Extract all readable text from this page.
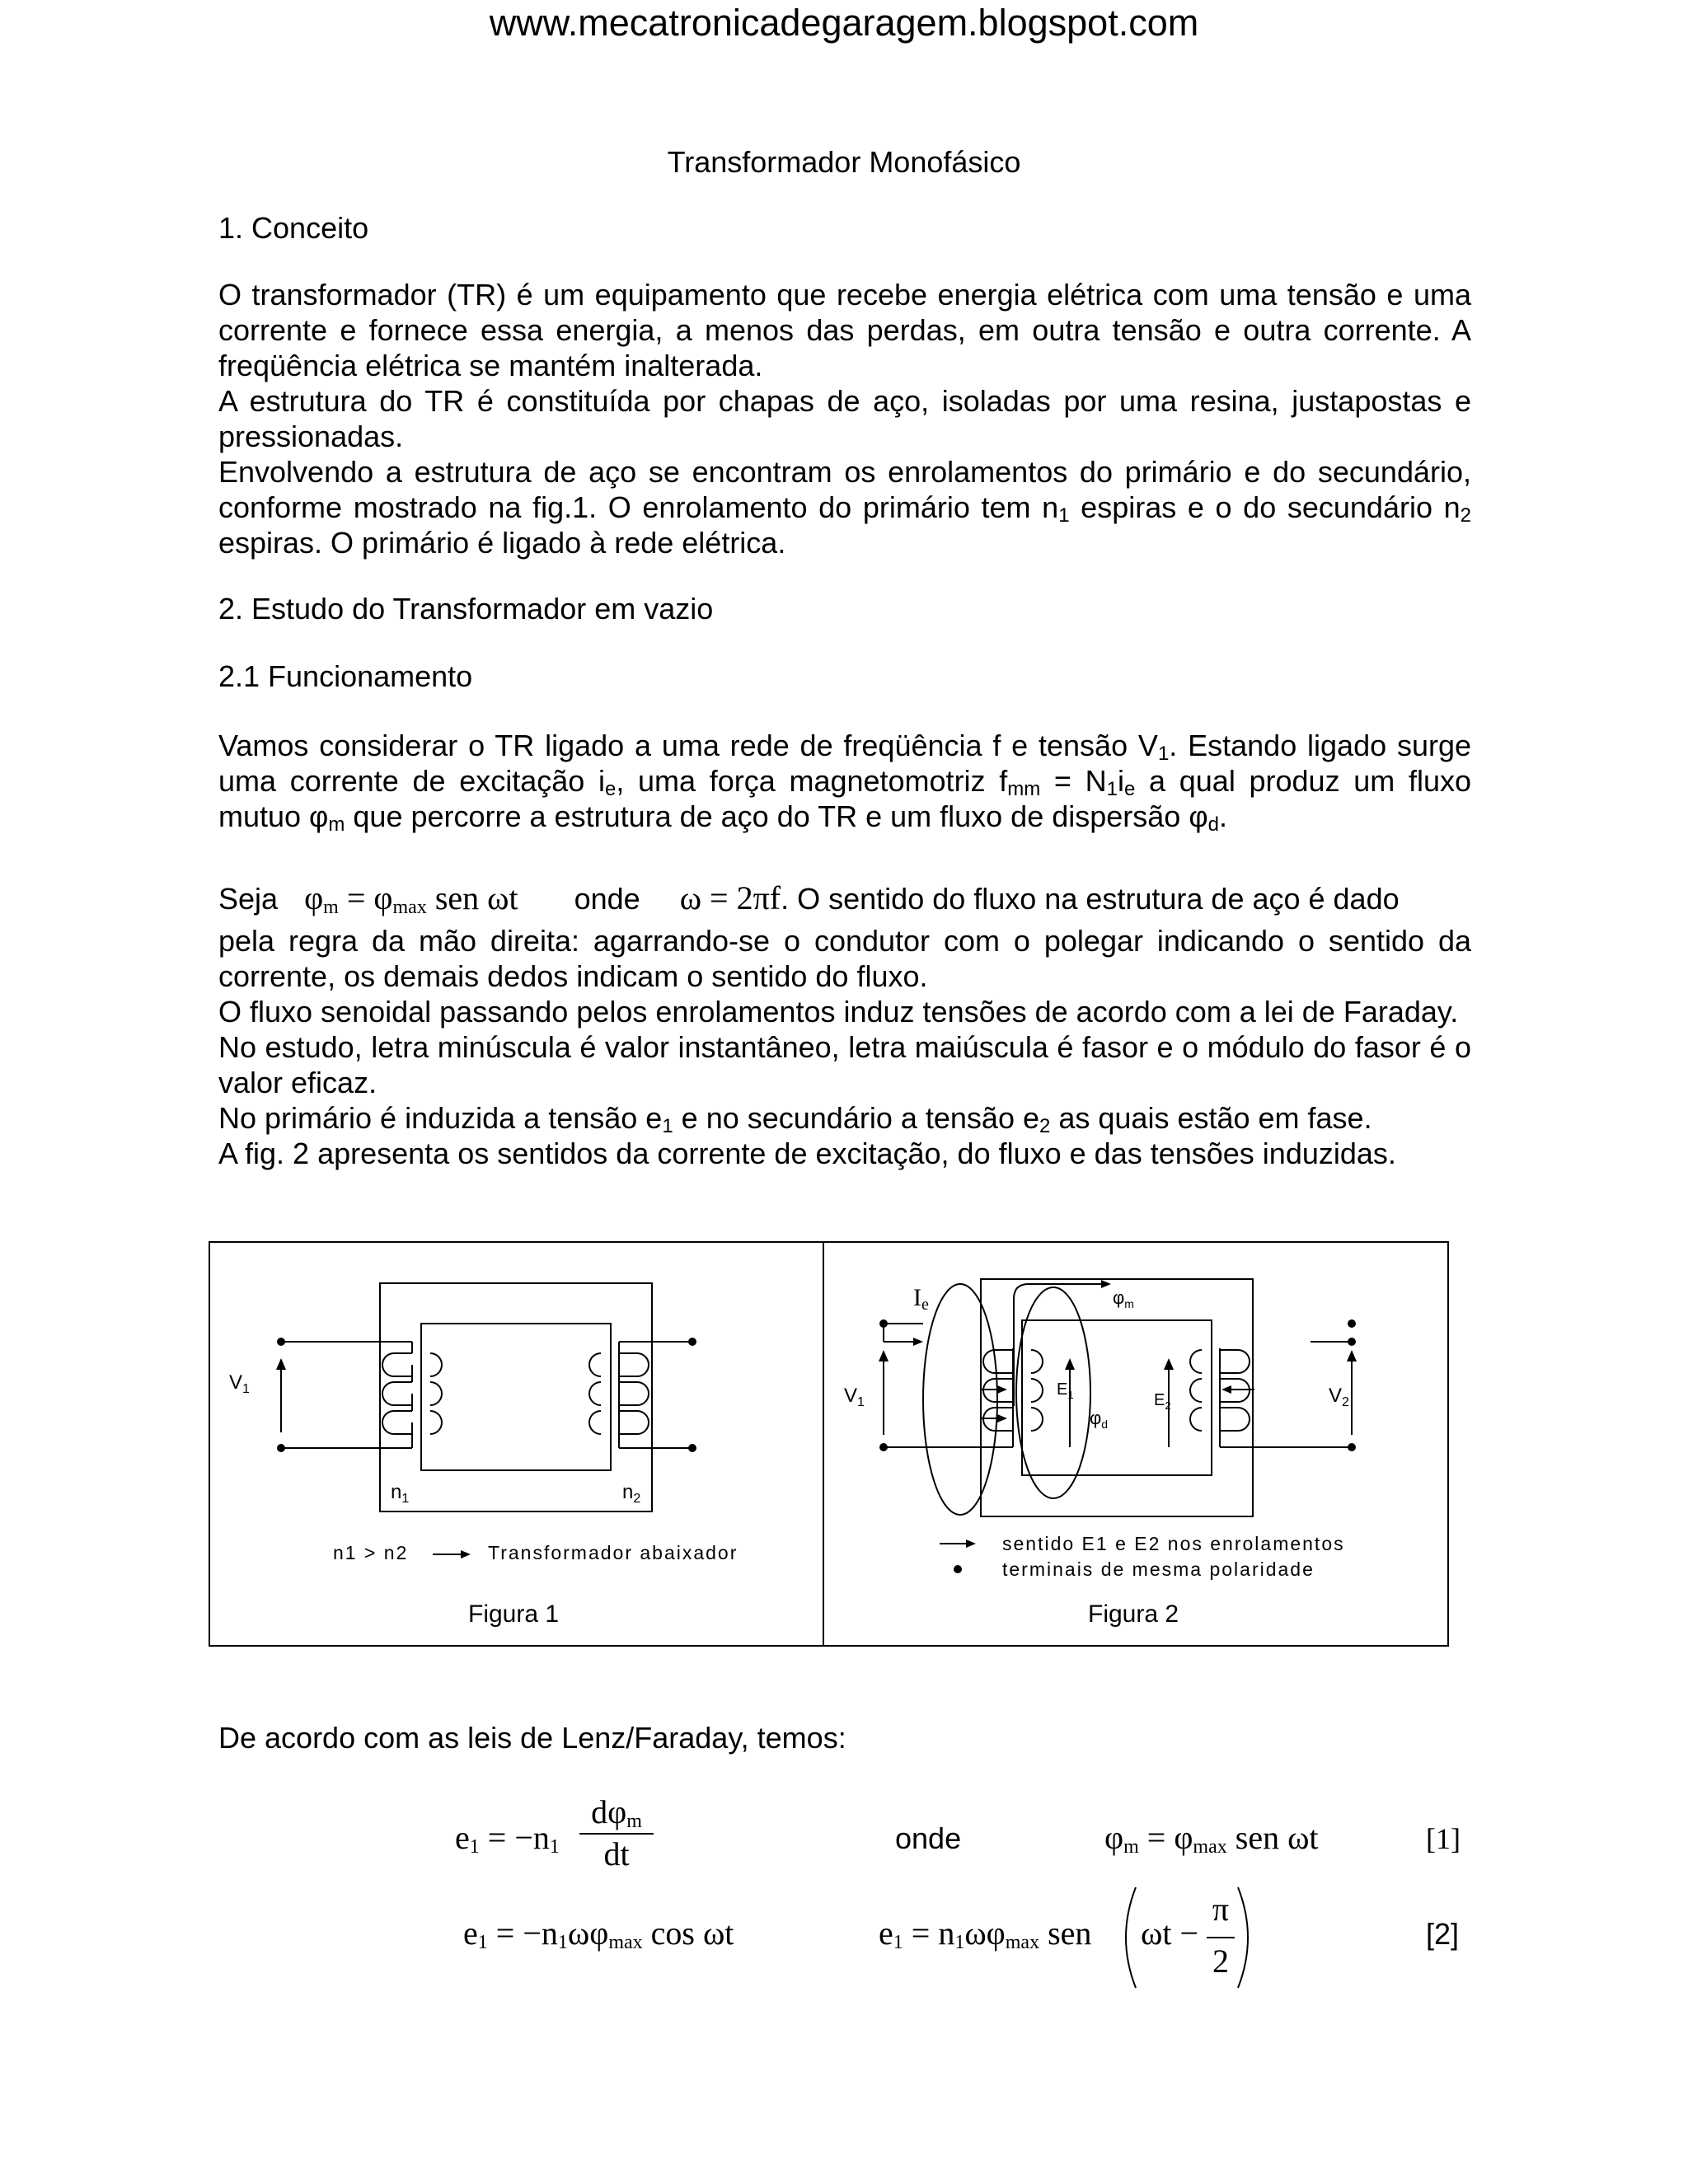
www.mecatronicadegaragem.blogspot.com
Transformador Monofásico
1. Conceito

O transformador (TR) é um equipamento que recebe energia elétrica com uma tensão e uma corrente e fornece essa energia, a menos das perdas, em outra tensão e outra corrente. A freqüência elétrica se mantém inalterada.

A estrutura do TR é constituída por chapas de aço, isoladas por uma resina, justapostas e pressionadas.

Envolvendo a estrutura de aço se encontram os enrolamentos do primário e do secundário, conforme mostrado na fig.1. O enrolamento do primário tem $n_1$ espiras e o do secundário $n_2$ espiras. O primário é ligado à rede elétrica.

2. Estudo do Transformador em vazio
2.1 Funcionamento

Vamos considerar o TR ligado a uma rede de freqüência f e tensão $V_1$. Estando ligado surge uma corrente de excitação $i_e$, uma força magnetomotriz $f_{mm} = N_1i_e$ a qual produz um fluxo mutuo $\varphi_m$ que percorre a estrutura de aço do TR e um fluxo de dispersão $\varphi_d$.

Seja $\varphi_m = \varphi_{max}$ sen ωt onde ω = 2πf. O sentido do fluxo na estrutura de aço é dado

pela regra da mão direita: agarrando-se o condutor com o polegar indicando o sentido da corrente, os demais dedos indicam o sentido do fluxo.

O fluxo senoidal passando pelos enrolamentos induz tensões de acordo com a lei de Faraday.

No estudo, letra minúscula é valor instantâneo, letra maiúscula é fasor e o módulo do fasor é o valor eficaz.

No primário é induzida a tensão $e_1$ e no secundário a tensão $e_2$ as quais estão em fase.

A fig. 2 apresenta os sentidos da corrente de excitação, do fluxo e das tensões induzidas.

$V_1$
$n_1$	$n_2$
n1 > n2	Transformador abaixador
Figura 1
$I_e$	$\varphi_m$
$\varphi_d$
$V_1$	$V_2$
$E_1$	$E_2$
sentido E1 e E2 nos enrolamentos
terminais de mesma polaridade
Figura 2
De acordo com as leis de Lenz/Faraday, temos:
$e_1 = -n_1$
$d\varphi_m$
dt	onde	$\varphi_m = \varphi_{max}$ sen ωt	[1]
$e_1 = -n_1\omega\varphi_{max}$ cos ωt	$e_1 = n_1\omega\varphi_{max}$ sen ωt −
π
2
[2]
